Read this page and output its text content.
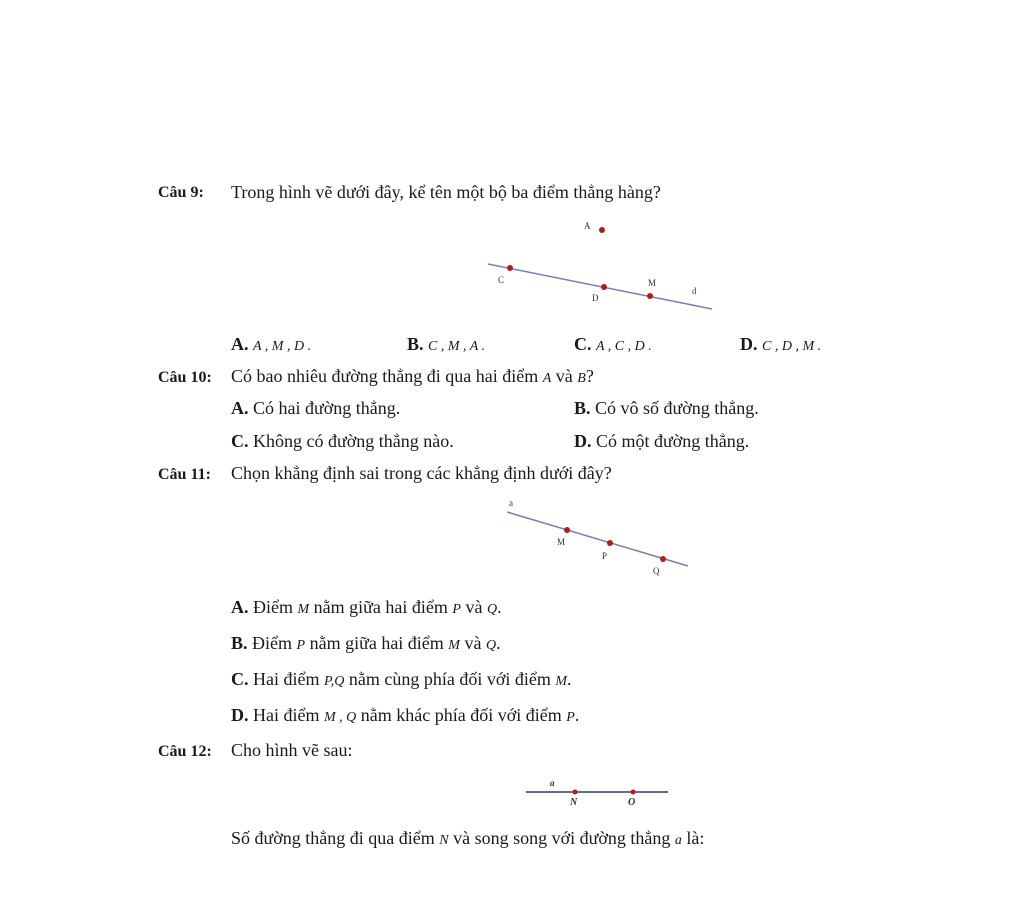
Câu 9: Trong hình vẽ dưới đây, kể tên một bộ ba điểm thẳng hàng?
A
C	M
D
d
A. A , M , D .	B. C , M , A .	C. A , C , D .	D. C , D , M .
Câu 10: Có bao nhiêu đường thẳng đi qua hai điểm A và B?
A. Có hai đường thẳng.	B. Có vô số đường thẳng.
C. Không có đường thẳng nào.	D. Có một đường thẳng.
Câu 11: Chọn khẳng định sai trong các khẳng định dưới đây?
a
M
P
Q
A. Điểm M nằm giữa hai điểm P và Q.
B. Điểm P nằm giữa hai điểm M và Q.
C. Hai điểm P,Q nằm cùng phía đối với điểm M.
D. Hai điểm M , Q nằm khác phía đối với điểm P.
Câu 12: Cho hình vẽ sau:
a
N	O
Số đường thẳng đi qua điểm N và song song với đường thẳng a là:
